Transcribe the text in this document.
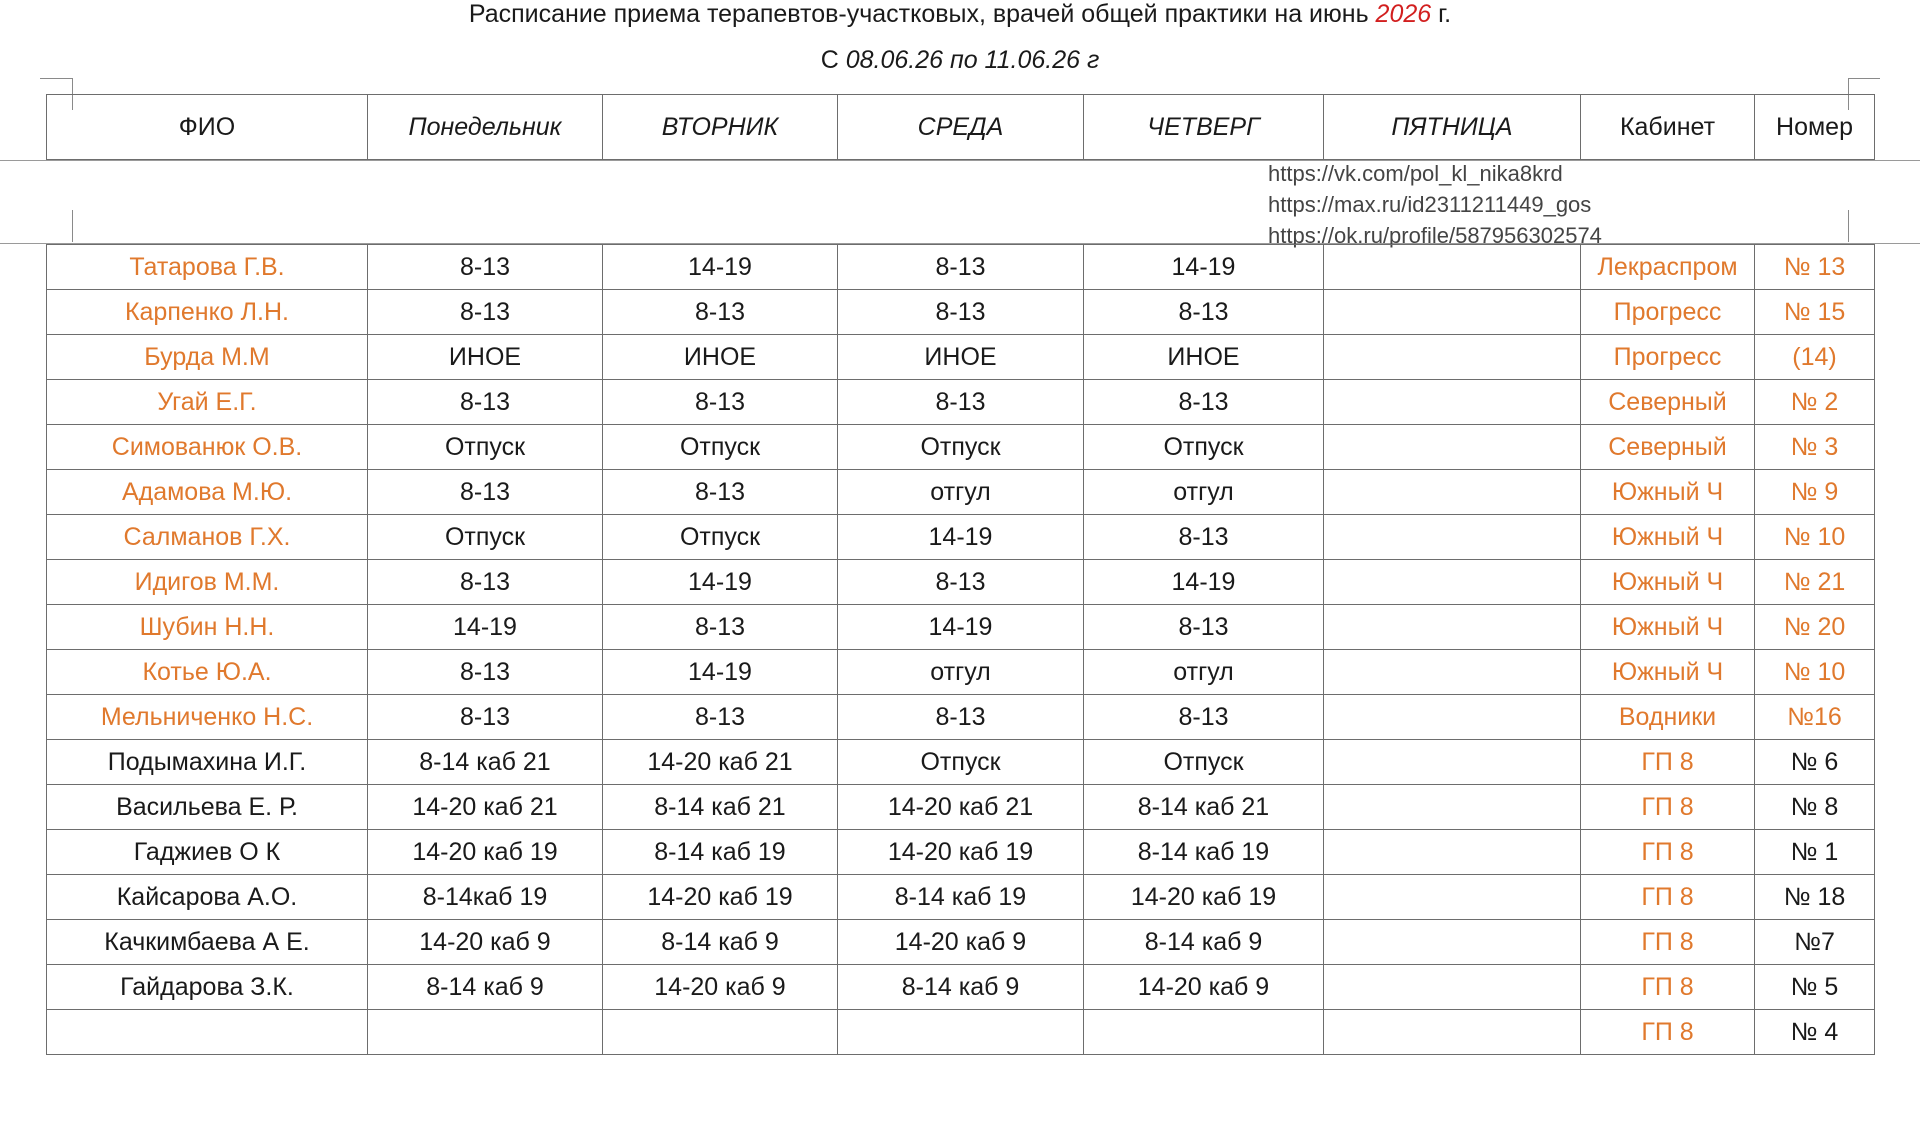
Расписание приема терапевтов-участковых, врачей общей практики на июнь 2026 г.
С 08.06.26 по 11.06.26 г
ФИО	Понедельник	ВТОРНИК	СРЕДА	ЧЕТВЕРГ	ПЯТНИЦА	Кабинет	Номер
https://vk.com/pol_kl_nika8krd
https://max.ru/id2311211449_gos
https://ok.ru/profile/587956302574
Татарова Г.В.	8-13	14-19	8-13	14-19		Лекраспром	№ 13
Карпенко Л.Н.	8-13	8-13	8-13	8-13		Прогресс	№ 15
Бурда М.М	ИНОЕ	ИНОЕ	ИНОЕ	ИНОЕ		Прогресс	(14)
Угай Е.Г.	8-13	8-13	8-13	8-13		Северный	№ 2
Симованюк О.В.	Отпуск	Отпуск	Отпуск	Отпуск		Северный	№ 3
Адамова М.Ю.	8-13	8-13	отгул	отгул		Южный Ч	№ 9
Салманов Г.Х.	Отпуск	Отпуск	14-19	8-13		Южный Ч	№ 10
Идигов М.М.	8-13	14-19	8-13	14-19		Южный Ч	№ 21
Шубин Н.Н.	14-19	8-13	14-19	8-13		Южный Ч	№ 20
Котье Ю.А.	8-13	14-19	отгул	отгул		Южный Ч	№ 10
Мельниченко Н.С.	8-13	8-13	8-13	8-13		Водники	№16
Подымахина И.Г.	8-14 каб 21	14-20 каб 21	Отпуск	Отпуск		ГП 8	№ 6
Васильева Е. Р.	14-20 каб 21	8-14 каб 21	14-20 каб 21	8-14 каб 21		ГП 8	№ 8
Гаджиев О К	14-20 каб 19	8-14 каб 19	14-20 каб 19	8-14 каб 19		ГП 8	№ 1
Кайсарова А.О.	8-14каб 19	14-20 каб 19	8-14 каб 19	14-20 каб 19		ГП 8	№ 18
Качкимбаева А Е.	14-20 каб 9	8-14 каб 9	14-20 каб 9	8-14 каб 9		ГП 8	№7
Гайдарова З.К.	8-14 каб 9	14-20 каб 9	8-14 каб 9	14-20 каб 9		ГП 8	№ 5
						ГП 8	№ 4
